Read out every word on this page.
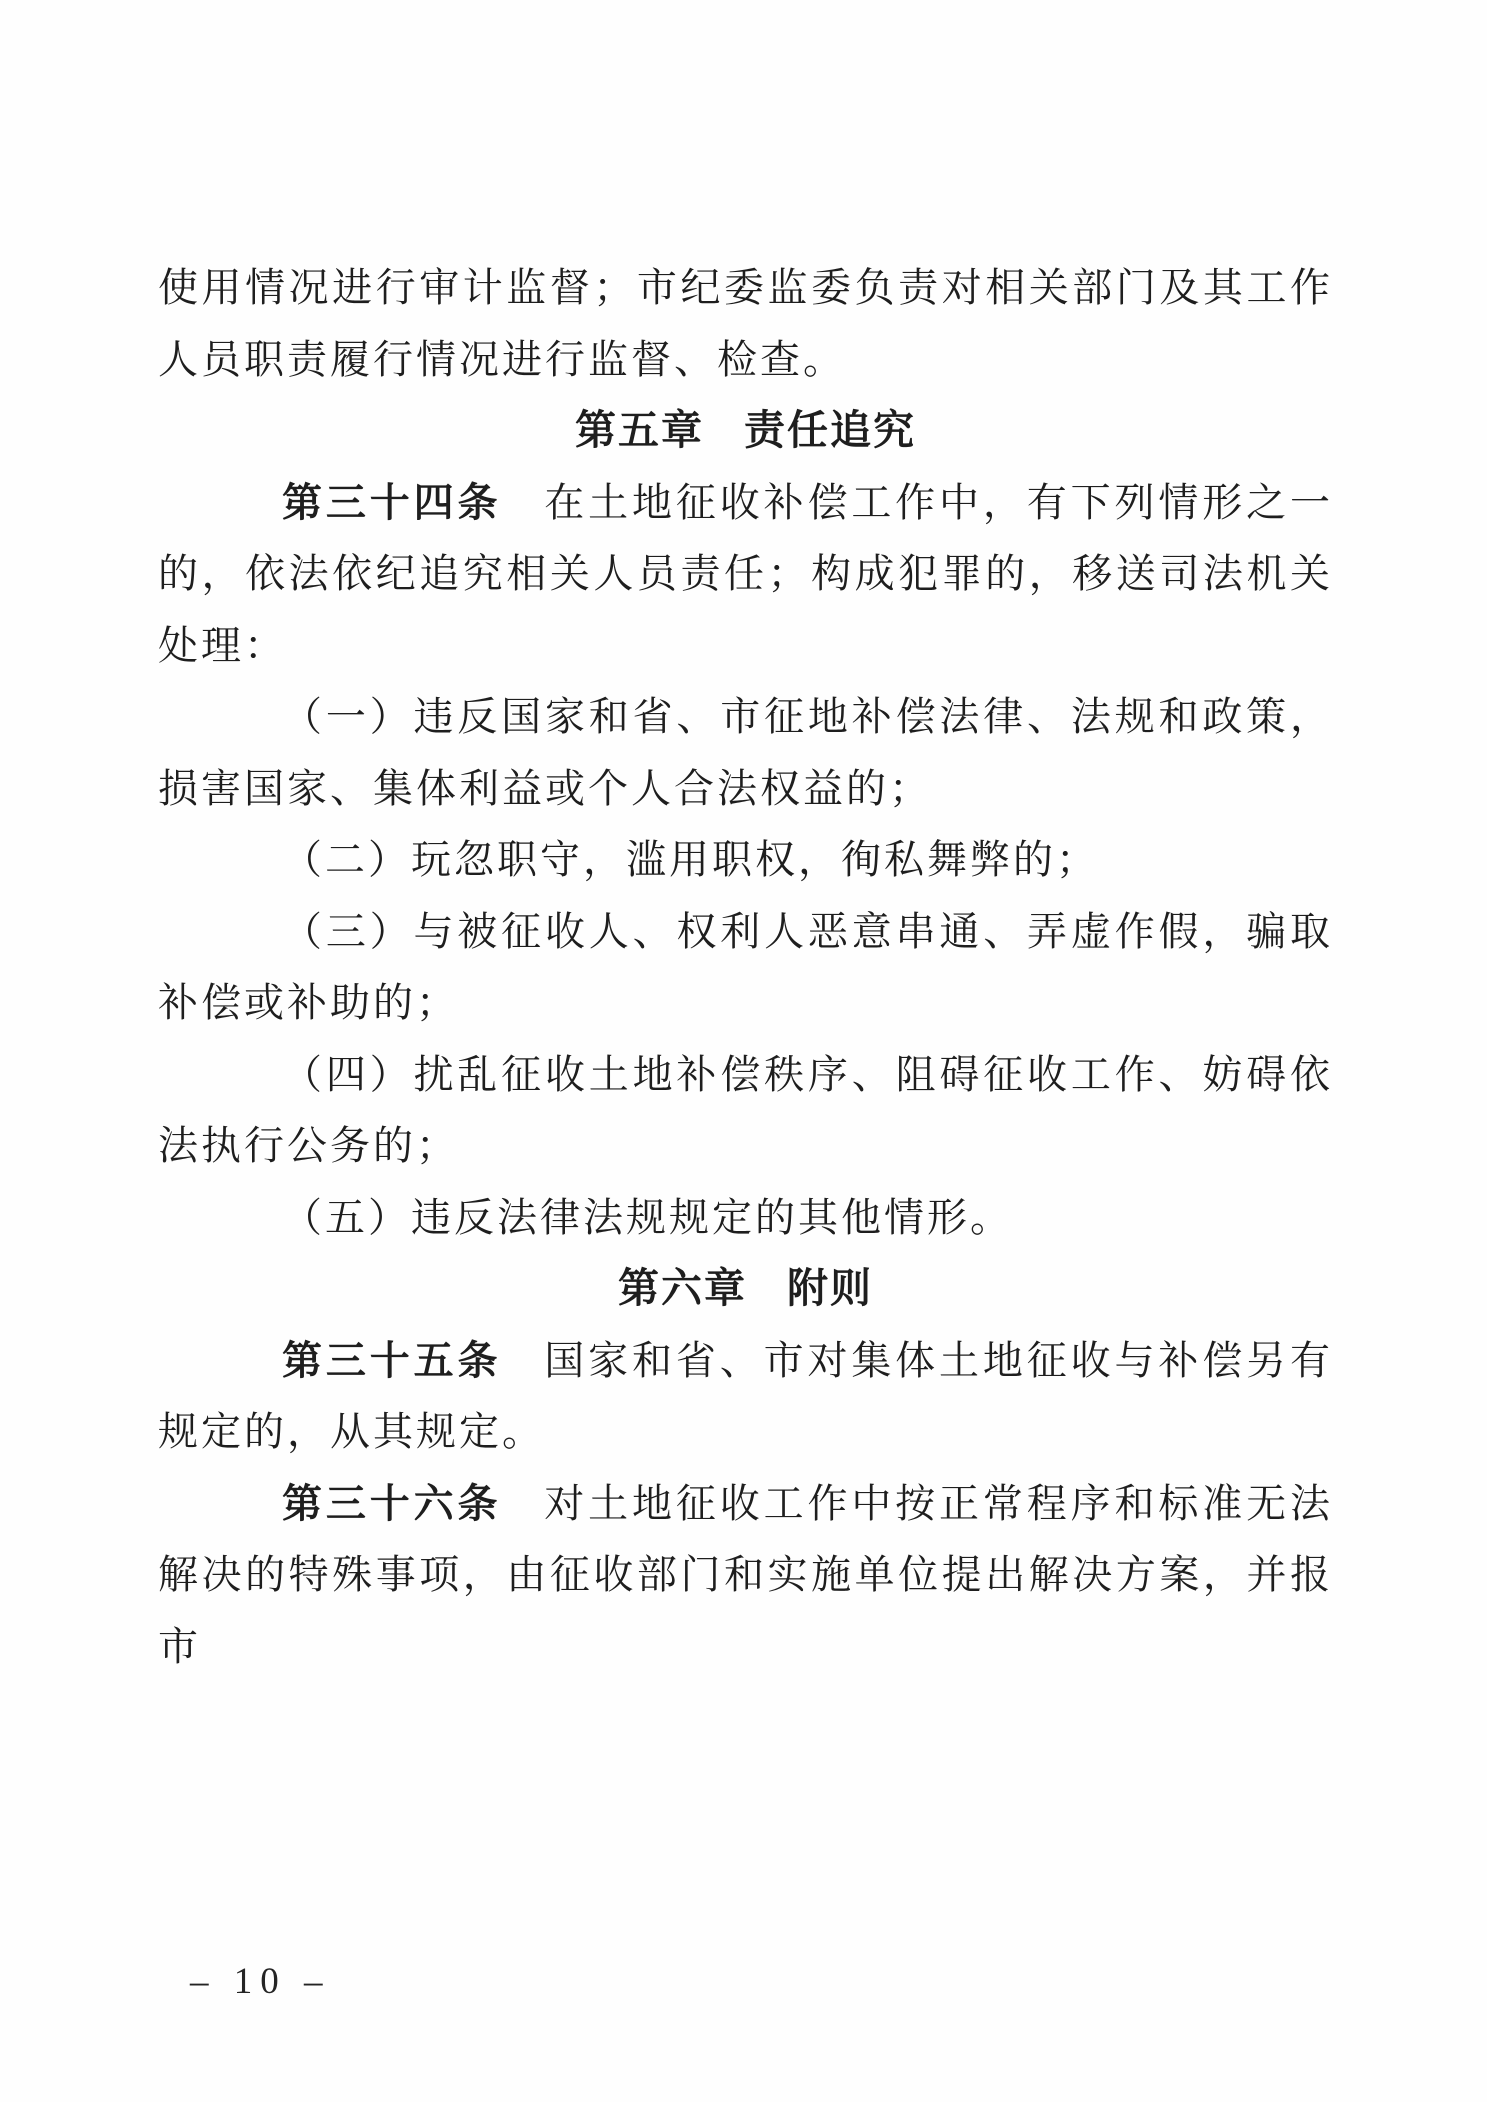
使用情况进行审计监督；市纪委监委负责对相关部门及其工作人员职责履行情况进行监督、检查。

第五章 责任追究

第三十四条 在土地征收补偿工作中，有下列情形之一的，依法依纪追究相关人员责任；构成犯罪的，移送司法机关处理：

（一）违反国家和省、市征地补偿法律、法规和政策，损害国家、集体利益或个人合法权益的；

（二）玩忽职守，滥用职权，徇私舞弊的；

（三）与被征收人、权利人恶意串通、弄虚作假，骗取补偿或补助的；

（四）扰乱征收土地补偿秩序、阻碍征收工作、妨碍依法执行公务的；

（五）违反法律法规规定的其他情形。

第六章 附则

第三十五条 国家和省、市对集体土地征收与补偿另有规定的，从其规定。

第三十六条 对土地征收工作中按正常程序和标准无法解决的特殊事项，由征收部门和实施单位提出解决方案，并报市

– 10 –
